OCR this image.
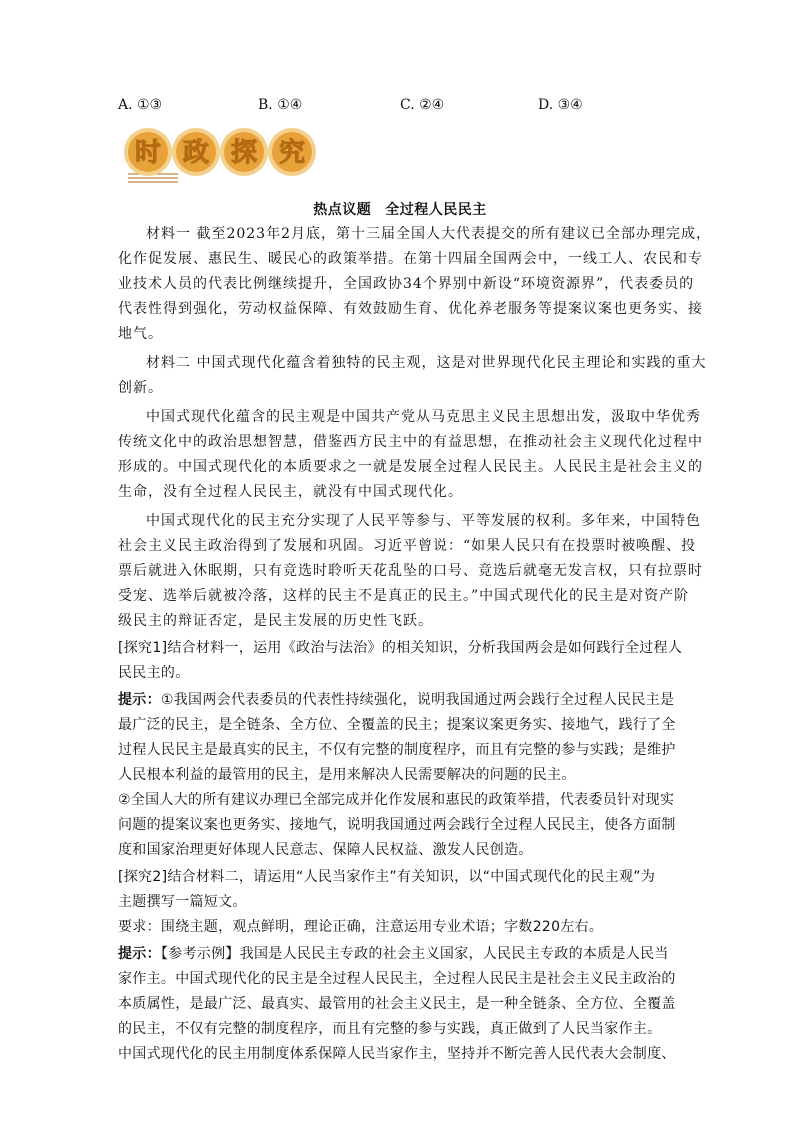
A. ①③	B. ①④	C. ②④	D. ③④
时 政 探 究
热点议题 全过程人民民主

材料一 截至2023年2月底，第十三届全国人大代表提交的所有建议已全部办理完成，

化作促发展、惠民生、暖民心的政策举措。在第十四届全国两会中，一线工人、农民和专

业技术人员的代表比例继续提升，全国政协34个界别中新设“环境资源界”，代表委员的

代表性得到强化，劳动权益保障、有效鼓励生育、优化养老服务等提案议案也更务实、接

地气。

材料二 中国式现代化蕴含着独特的民主观，这是对世界现代化民主理论和实践的重大

创新。

中国式现代化蕴含的民主观是中国共产党从马克思主义民主思想出发，汲取中华优秀

传统文化中的政治思想智慧，借鉴西方民主中的有益思想，在推动社会主义现代化过程中

形成的。中国式现代化的本质要求之一就是发展全过程人民民主。人民民主是社会主义的

生命，没有全过程人民民主，就没有中国式现代化。

中国式现代化的民主充分实现了人民平等参与、平等发展的权利。多年来，中国特色

社会主义民主政治得到了发展和巩固。习近平曾说：“如果人民只有在投票时被唤醒、投

票后就进入休眠期，只有竞选时聆听天花乱坠的口号、竞选后就毫无发言权，只有拉票时

受宠、选举后就被冷落，这样的民主不是真正的民主。”中国式现代化的民主是对资产阶

级民主的辩证否定，是民主发展的历史性飞跃。

[探究1]结合材料一，运用《政治与法治》的相关知识，分析我国两会是如何践行全过程人

民民主的。

提示：①我国两会代表委员的代表性持续强化，说明我国通过两会践行全过程人民民主是

最广泛的民主，是全链条、全方位、全覆盖的民主；提案议案更务实、接地气，践行了全

过程人民民主是最真实的民主，不仅有完整的制度程序，而且有完整的参与实践；是维护

人民根本利益的最管用的民主，是用来解决人民需要解决的问题的民主。

②全国人大的所有建议办理已全部完成并化作发展和惠民的政策举措，代表委员针对现实

问题的提案议案也更务实、接地气，说明我国通过两会践行全过程人民民主，使各方面制

度和国家治理更好体现人民意志、保障人民权益、激发人民创造。

[探究2]结合材料二，请运用“人民当家作主”有关知识，以“中国式现代化的民主观”为

主题撰写一篇短文。

要求：围绕主题，观点鲜明，理论正确，注意运用专业术语；字数220左右。

提示：【参考示例】我国是人民民主专政的社会主义国家，人民民主专政的本质是人民当

家作主。中国式现代化的民主是全过程人民民主，全过程人民民主是社会主义民主政治的

本质属性，是最广泛、最真实、最管用的社会主义民主，是一种全链条、全方位、全覆盖

的民主，不仅有完整的制度程序，而且有完整的参与实践，真正做到了人民当家作主。

中国式现代化的民主用制度体系保障人民当家作主，坚持并不断完善人民代表大会制度、
